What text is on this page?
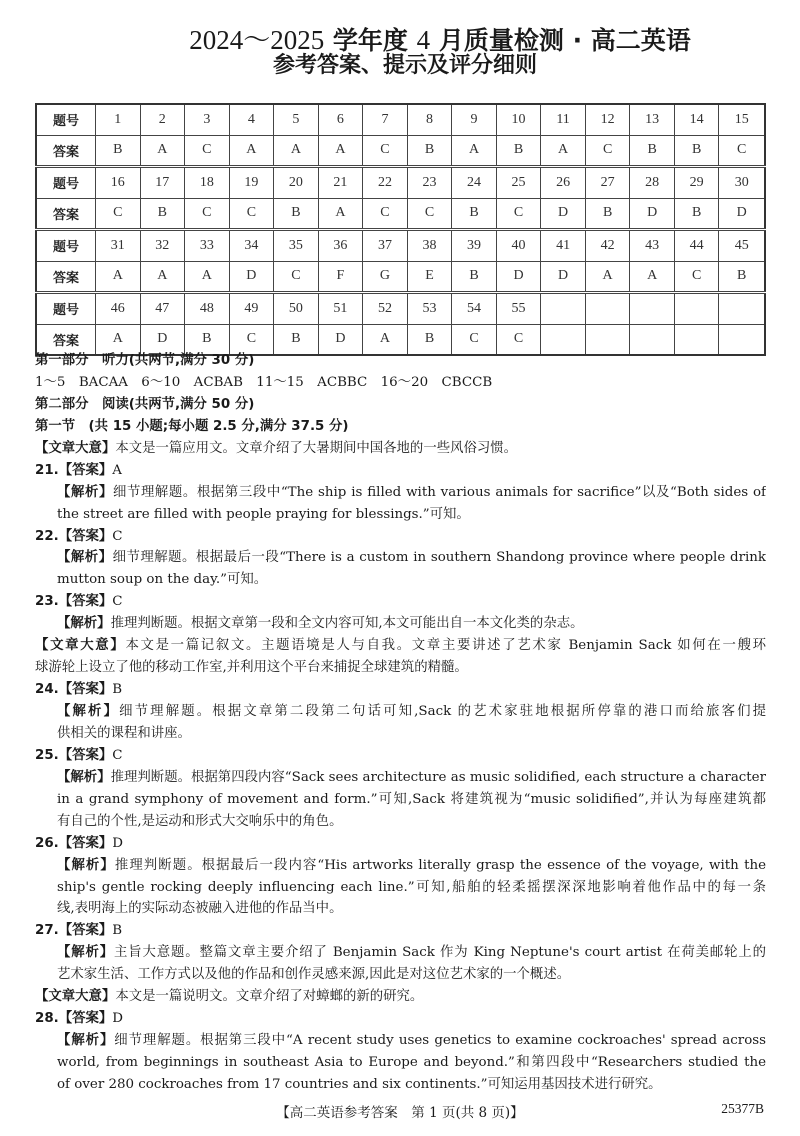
2024～2025 学年度 4 月质量检测 · 高二英语
参考答案、提示及评分细则
题号	1	2	3	4	5	6	7	8	9	10	11	12	13	14	15
答案	B	A	C	A	A	A	C	B	A	B	A	C	B	B	C
题号	16	17	18	19	20	21	22	23	24	25	26	27	28	29	30
答案	C	B	C	C	B	A	C	C	B	C	D	B	D	B	D
题号	31	32	33	34	35	36	37	38	39	40	41	42	43	44	45
答案	A	A	A	D	C	F	G	E	B	D	D	A	A	C	B
题号	46	47	48	49	50	51	52	53	54	55					
答案	A	D	B	C	B	D	A	B	C	C					
第一部分　听力(共两节,满分 30 分)
1～5　BACAA　6～10　ACBAB　11～15　ACBBC　16～20　CBCCB
第二部分　阅读(共两节,满分 50 分)
第一节　(共 15 小题;每小题 2.5 分,满分 37.5 分)
【文章大意】本文是一篇应用文。文章介绍了大暑期间中国各地的一些风俗习惯。
21.【答案】A
【解析】细节理解题。根据第三段中“The ship is filled with various animals for sacrifice”以及“Both sides of
the street are filled with people praying for blessings.”可知。
22.【答案】C
【解析】细节理解题。根据最后一段“There is a custom in southern Shandong province where people drink
mutton soup on the day.”可知。
23.【答案】C
【解析】推理判断题。根据文章第一段和全文内容可知,本文可能出自一本文化类的杂志。
【文章大意】本文是一篇记叙文。主题语境是人与自我。文章主要讲述了艺术家 Benjamin Sack 如何在一艘环
球游轮上设立了他的移动工作室,并利用这个平台来捕捉全球建筑的精髓。
24.【答案】B
【解析】细节理解题。根据文章第二段第二句话可知,Sack 的艺术家驻地根据所停靠的港口而给旅客们提
供相关的课程和讲座。
25.【答案】C
【解析】推理判断题。根据第四段内容“Sack sees architecture as music solidified, each structure a character
in a grand symphony of movement and form.”可知,Sack 将建筑视为“music solidified”,并认为每座建筑都
有自己的个性,是运动和形式大交响乐中的角色。
26.【答案】D
【解析】推理判断题。根据最后一段内容“His artworks literally grasp the essence of the voyage, with the
ship's gentle rocking deeply influencing each line.”可知,船舶的轻柔摇摆深深地影响着他作品中的每一条
线,表明海上的实际动态被融入进他的作品当中。
27.【答案】B
【解析】主旨大意题。整篇文章主要介绍了 Benjamin Sack 作为 King Neptune's court artist 在荷美邮轮上的
艺术家生活、工作方式以及他的作品和创作灵感来源,因此是对这位艺术家的一个概述。
【文章大意】本文是一篇说明文。文章介绍了对蟑螂的新的研究。
28.【答案】D
【解析】细节理解题。根据第三段中“A recent study uses genetics to examine cockroaches' spread across
world, from beginnings in southeast Asia to Europe and beyond.”和第四段中“Researchers studied the
of over 280 cockroaches from 17 countries and six continents.”可知运用基因技术进行研究。
【高二英语参考答案　第 1 页(共 8 页)】	25377B
